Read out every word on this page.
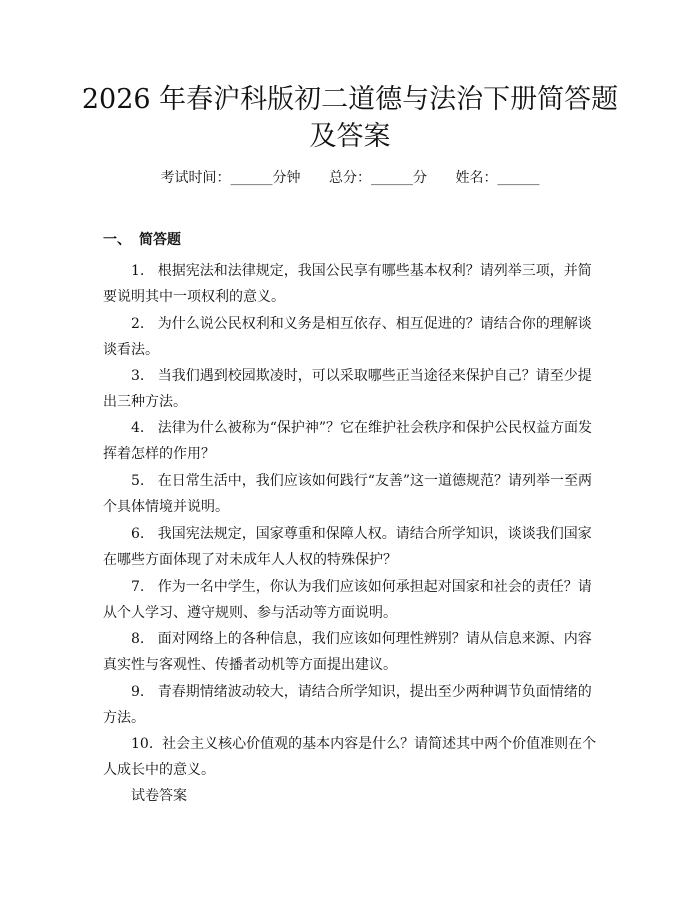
2026 年春沪科版初二道德与法治下册简答题
及答案
考试时间：______分钟 总分：______分 姓名：______
一、 简答题

1. 根据宪法和法律规定，我国公民享有哪些基本权利？请列举三项，并简要说明其中一项权利的意义。

2. 为什么说公民权利和义务是相互依存、相互促进的？请结合你的理解谈谈看法。

3. 当我们遇到校园欺凌时，可以采取哪些正当途径来保护自己？请至少提出三种方法。

4. 法律为什么被称为“保护神”？它在维护社会秩序和保护公民权益方面发挥着怎样的作用？

5. 在日常生活中，我们应该如何践行“友善”这一道德规范？请列举一至两个具体情境并说明。

6. 我国宪法规定，国家尊重和保障人权。请结合所学知识，谈谈我们国家在哪些方面体现了对未成年人人权的特殊保护？

7. 作为一名中学生，你认为我们应该如何承担起对国家和社会的责任？请从个人学习、遵守规则、参与活动等方面说明。

8. 面对网络上的各种信息，我们应该如何理性辨别？请从信息来源、内容真实性与客观性、传播者动机等方面提出建议。

9. 青春期情绪波动较大，请结合所学知识，提出至少两种调节负面情绪的方法。

10. 社会主义核心价值观的基本内容是什么？请简述其中两个价值准则在个人成长中的意义。

试卷答案
